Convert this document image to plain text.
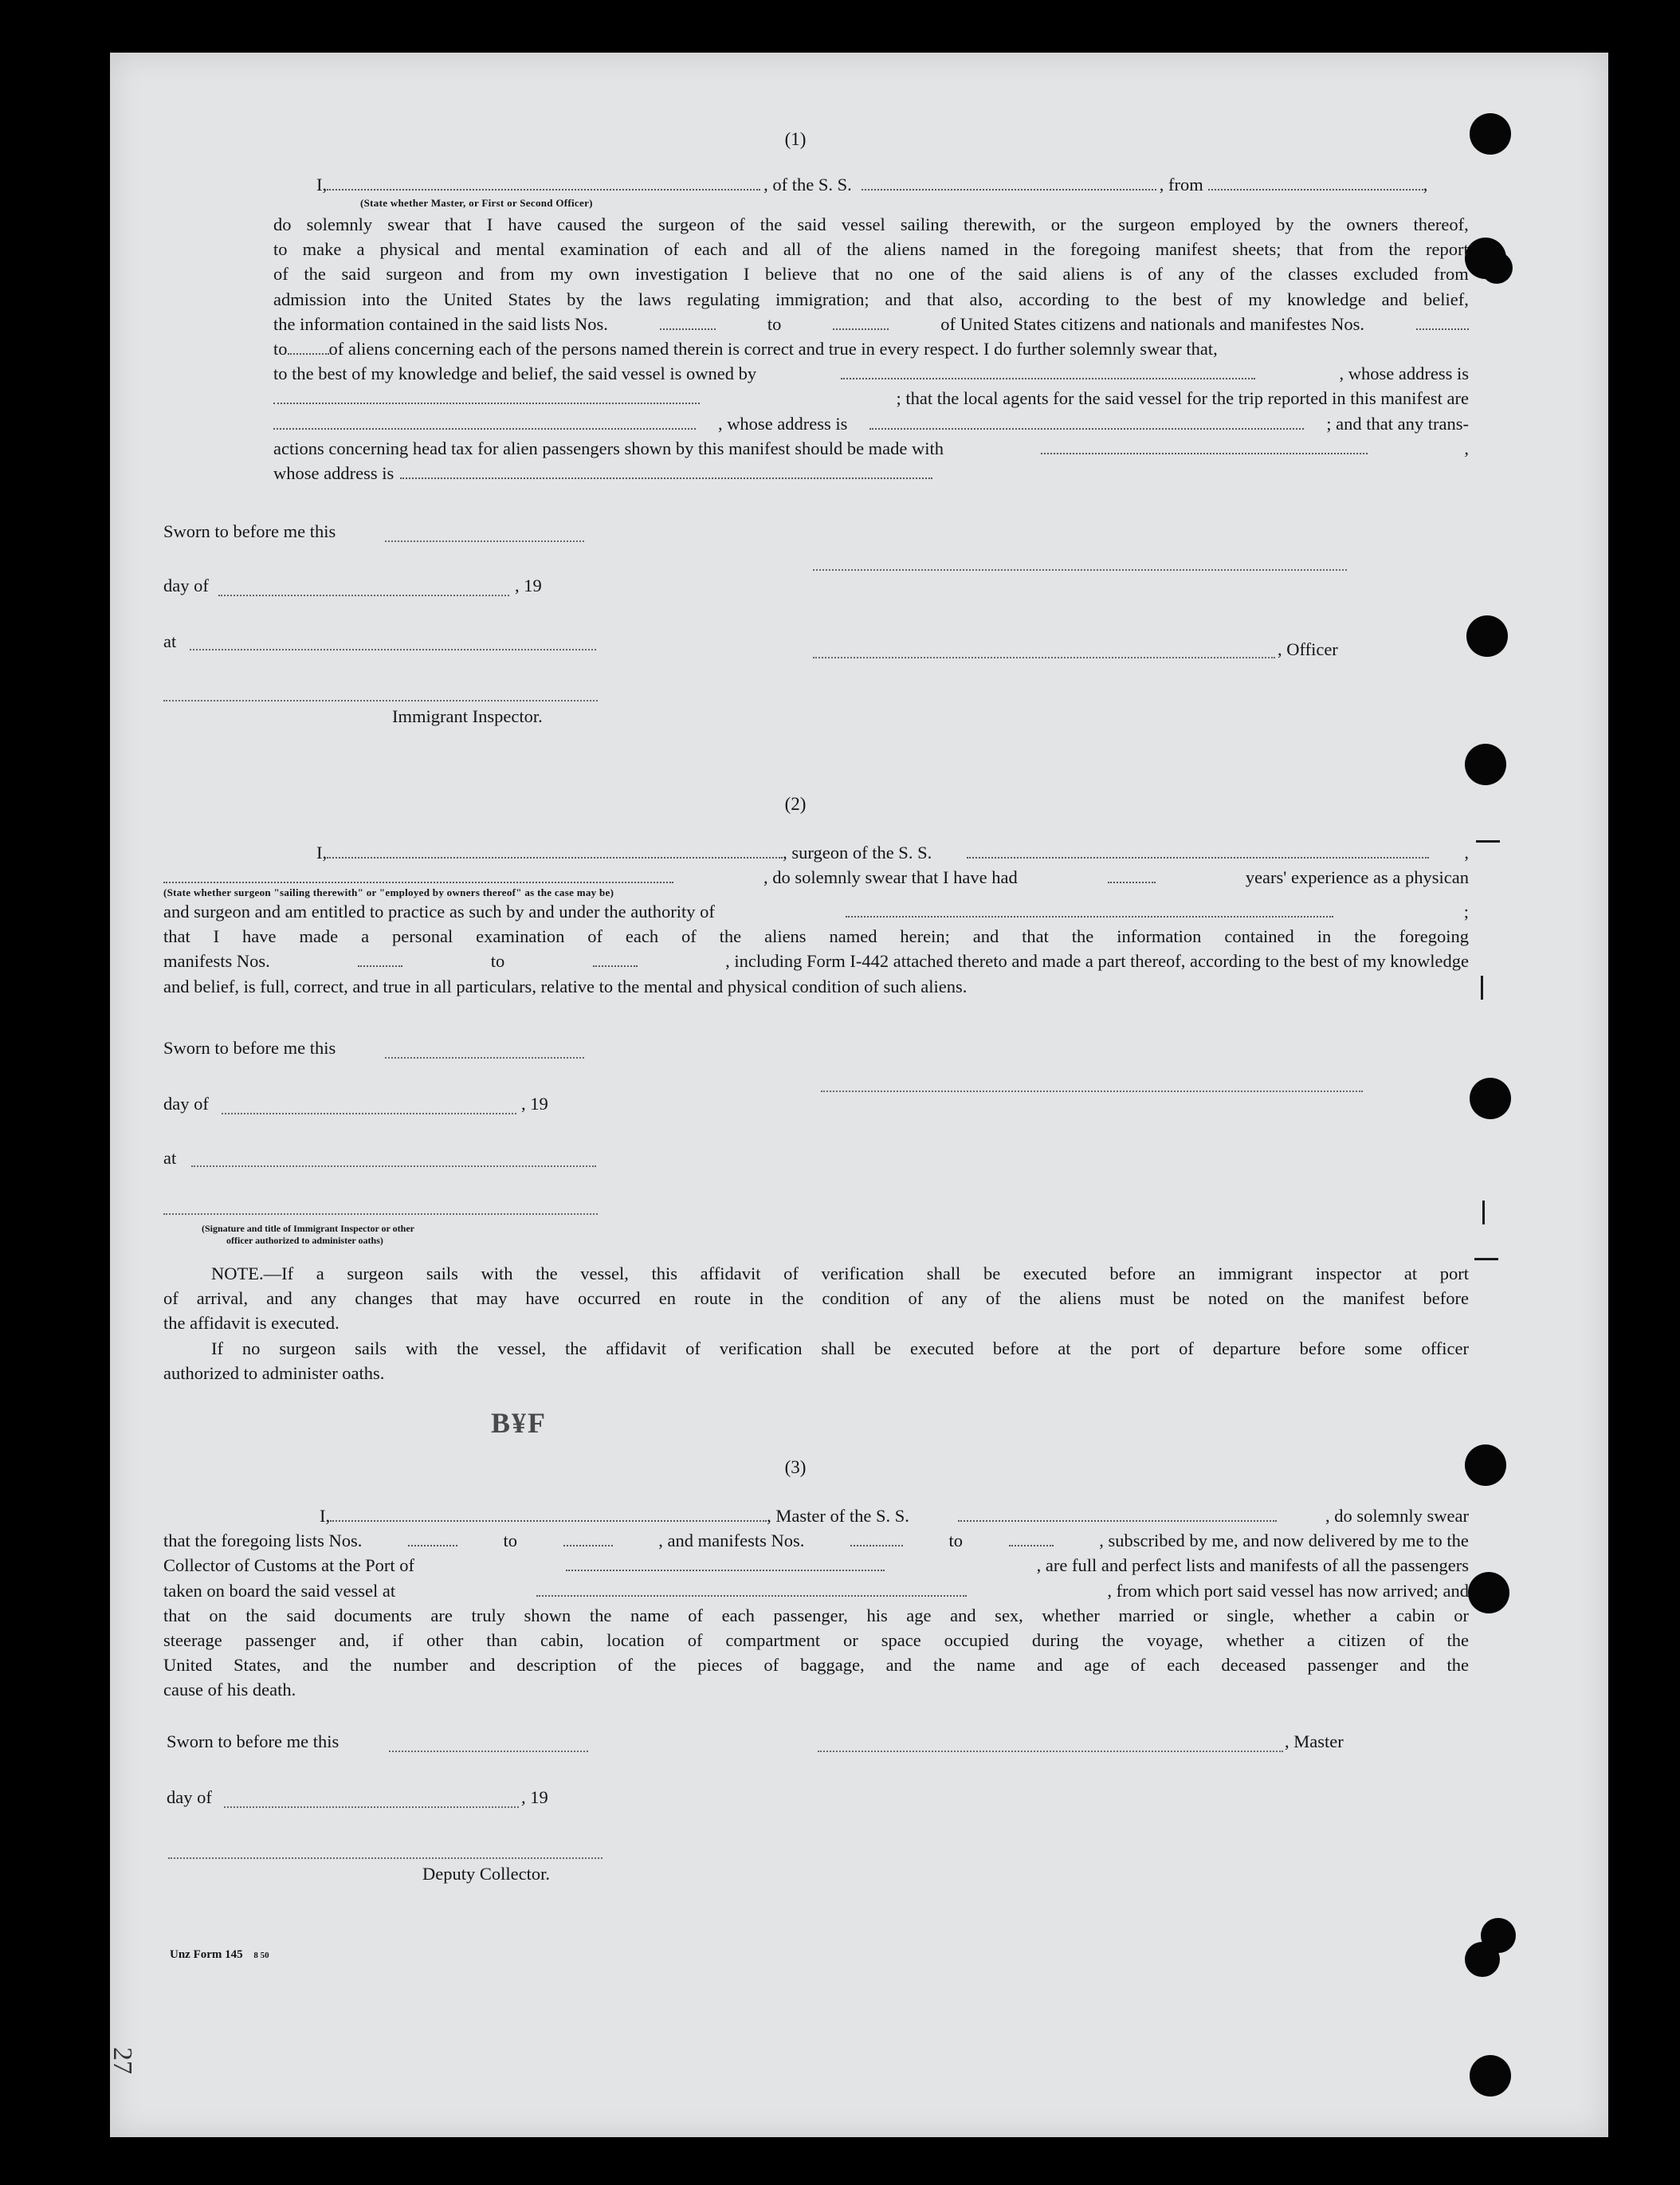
(1)
I,	, of the S. S.	, from	,
(State whether Master, or First or Second Officer)
do solemnly swear that I have caused the surgeon of the said vessel sailing therewith, or the surgeon employed by the owners thereof,
to make a physical and mental examination of each and all of the aliens named in the foregoing manifest sheets; that from the report
of the said surgeon and from my own investigation I believe that no one of the said aliens is of any of the classes excluded from
admission into the United States by the laws regulating immigration; and that also, according to the best of my knowledge and belief,
the information contained in the said lists Nos.	to	of United States citizens and nationals and manifestes Nos.
to of aliens concerning each of the persons named therein is correct and true in every respect. I do further solemnly swear that,
to the best of my knowledge and belief, the said vessel is owned by	, whose address is
; that the local agents for the said vessel for the trip reported in this manifest are
, whose address is	; and that any trans-
actions concerning head tax for alien passengers shown by this manifest should be made with	,
whose address is
Sworn to before me this
day of	, 19
at	, Officer
Immigrant Inspector.
(2)
I,	, surgeon of the S. S.	,
, do solemnly swear that I have had	years' experience as a physican
(State whether surgeon "sailing therewith" or "employed by owners thereof" as the case may be)
and surgeon and am entitled to practice as such by and under the authority of	;
that I have made a personal examination of each of the aliens named herein; and that the information contained in the foregoing
manifests Nos.	to	, including Form I-442 attached thereto and made a part thereof, according to the best of my knowledge
and belief, is full, correct, and true in all particulars, relative to the mental and physical condition of such aliens.
Sworn to before me this
day of	, 19
at
(Signature and title of Immigrant Inspector or other
officer authorized to administer oaths)
NOTE.—If a surgeon sails with the vessel, this affidavit of verification shall be executed before an immigrant inspector at port
of arrival, and any changes that may have occurred en route in the condition of any of the aliens must be noted on the manifest before
the affidavit is executed.
If no surgeon sails with the vessel, the affidavit of verification shall be executed before at the port of departure before some officer
authorized to administer oaths.
B¥F
(3)
I,	, Master of the S. S.	, do solemnly swear
that the foregoing lists Nos.	to	, and manifests Nos.	to	, subscribed by me, and now delivered by me to the
Collector of Customs at the Port of	, are full and perfect lists and manifests of all the passengers
taken on board the said vessel at	, from which port said vessel has now arrived; and
that on the said documents are truly shown the name of each passenger, his age and sex, whether married or single, whether a cabin or
steerage passenger and, if other than cabin, location of compartment or space occupied during the voyage, whether a citizen of the
United States, and the number and description of the pieces of baggage, and the name and age of each deceased passenger and the
cause of his death.
Sworn to before me this	, Master
day of	, 19
Deputy Collector.
Unz Form 145 8 50
27
